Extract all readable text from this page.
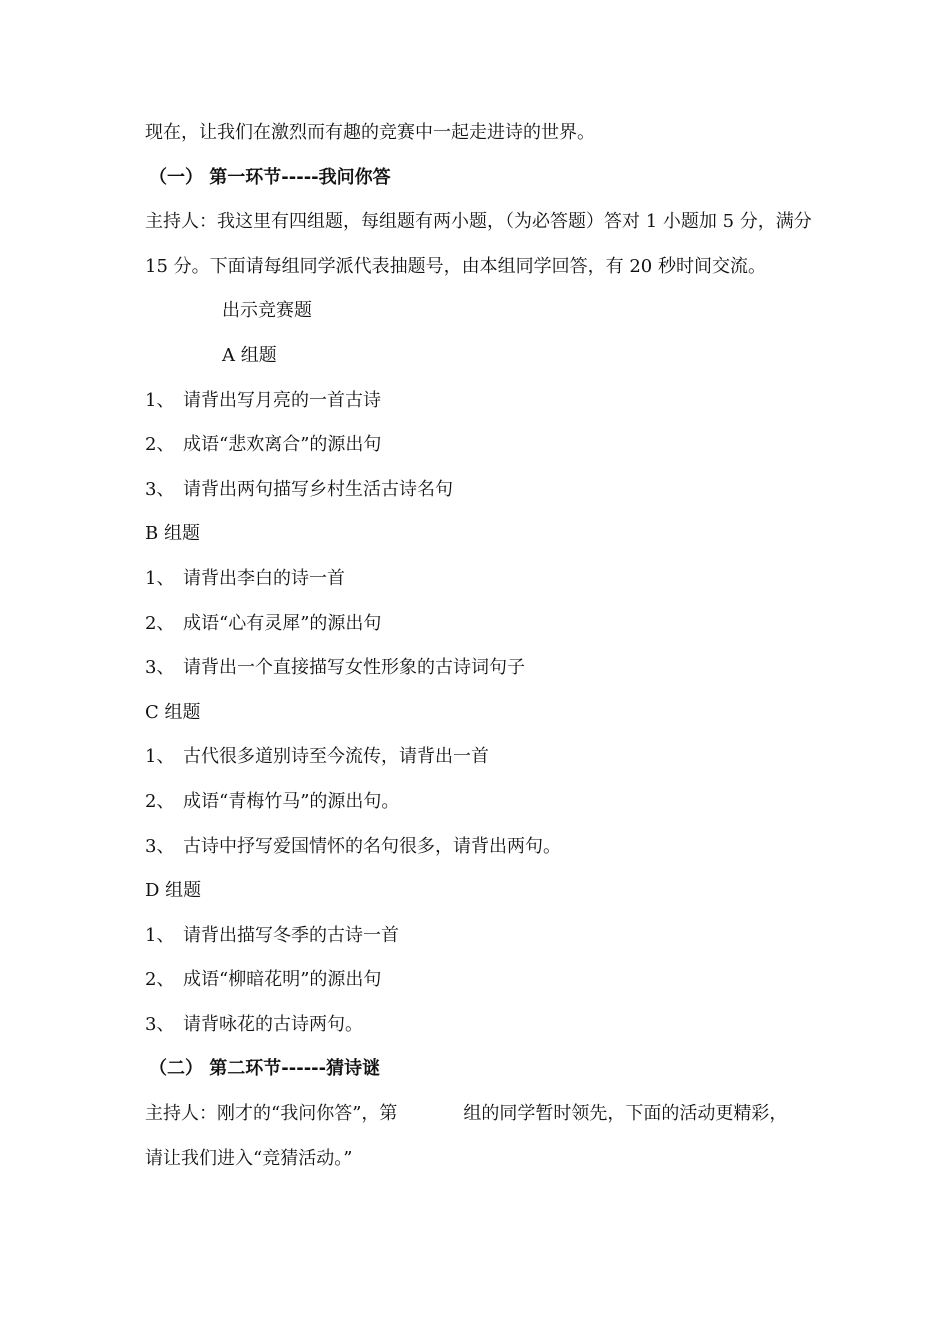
现在，让我们在激烈而有趣的竞赛中一起走进诗的世界。
（一） 第一环节-----我问你答
主持人：我这里有四组题，每组题有两小题，（为必答题）答对 1 小题加 5 分，满分
15 分。下面请每组同学派代表抽题号，由本组同学回答，有 20 秒时间交流。
出示竞赛题
A 组题
1、 请背出写月亮的一首古诗
2、 成语“悲欢离合”的源出句
3、 请背出两句描写乡村生活古诗名句
B 组题
1、 请背出李白的诗一首
2、 成语“心有灵犀”的源出句
3、 请背出一个直接描写女性形象的古诗词句子
C 组题
1、 古代很多道别诗至今流传，请背出一首
2、 成语“青梅竹马”的源出句。
3、 古诗中抒写爱国情怀的名句很多，请背出两句。
D 组题
1、 请背出描写冬季的古诗一首
2、 成语“柳暗花明”的源出句
3、 请背咏花的古诗两句。
（二） 第二环节------猜诗谜
主持人：刚才的“我问你答”，第	组的同学暂时领先，下面的活动更精彩，
请让我们进入“竞猜活动。”
